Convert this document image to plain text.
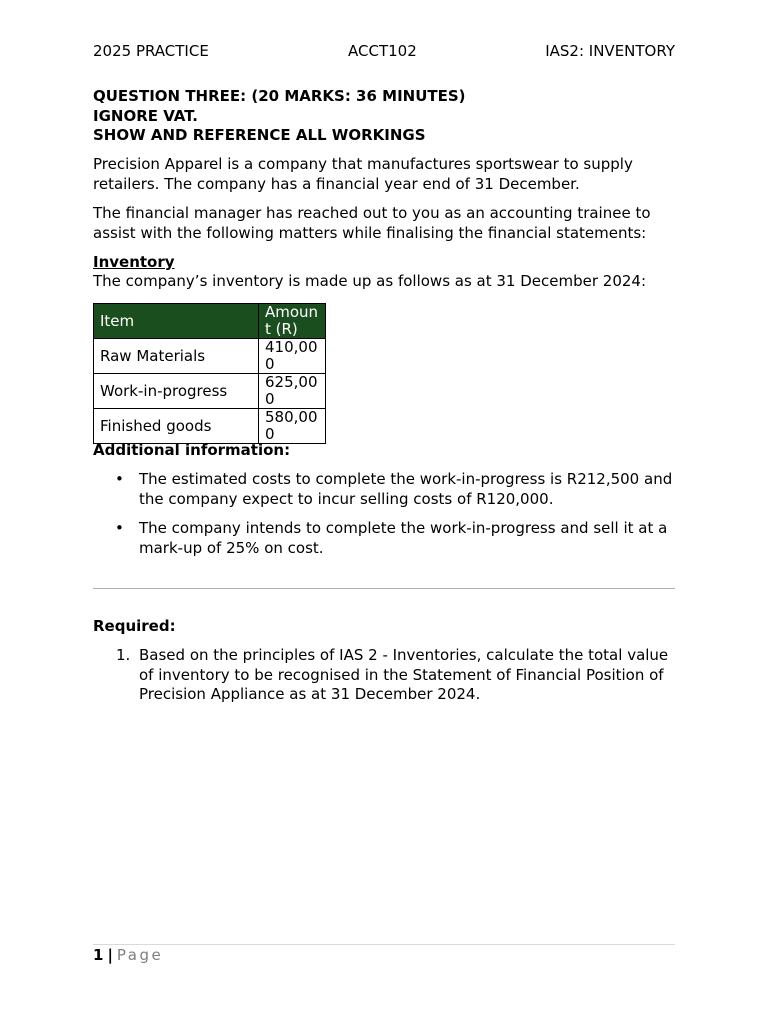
2025 PRACTICE	ACCT102	IAS2: INVENTORY
QUESTION THREE: (20 MARKS: 36 MINUTES)
IGNORE VAT.
SHOW AND REFERENCE ALL WORKINGS
Precision Apparel is a company that manufactures sportswear to supply retailers. The company has a financial year end of 31 December.
The financial manager has reached out to you as an accounting trainee to assist with the following matters while finalising the financial statements:
Inventory
The company’s inventory is made up as follows as at 31 December 2024:
Item	Amount (R)
Raw Materials	410,000
Work-in-progress	625,000
Finished goods	580,000
Additional information:
• The estimated costs to complete the work-in-progress is R212,500 and the company expect to incur selling costs of R120,000.
• The company intends to complete the work-in-progress and sell it at a mark-up of 25% on cost.
Required:
1. Based on the principles of IAS 2 - Inventories, calculate the total value of inventory to be recognised in the Statement of Financial Position of Precision Appliance as at 31 December 2024.
1 | Page
